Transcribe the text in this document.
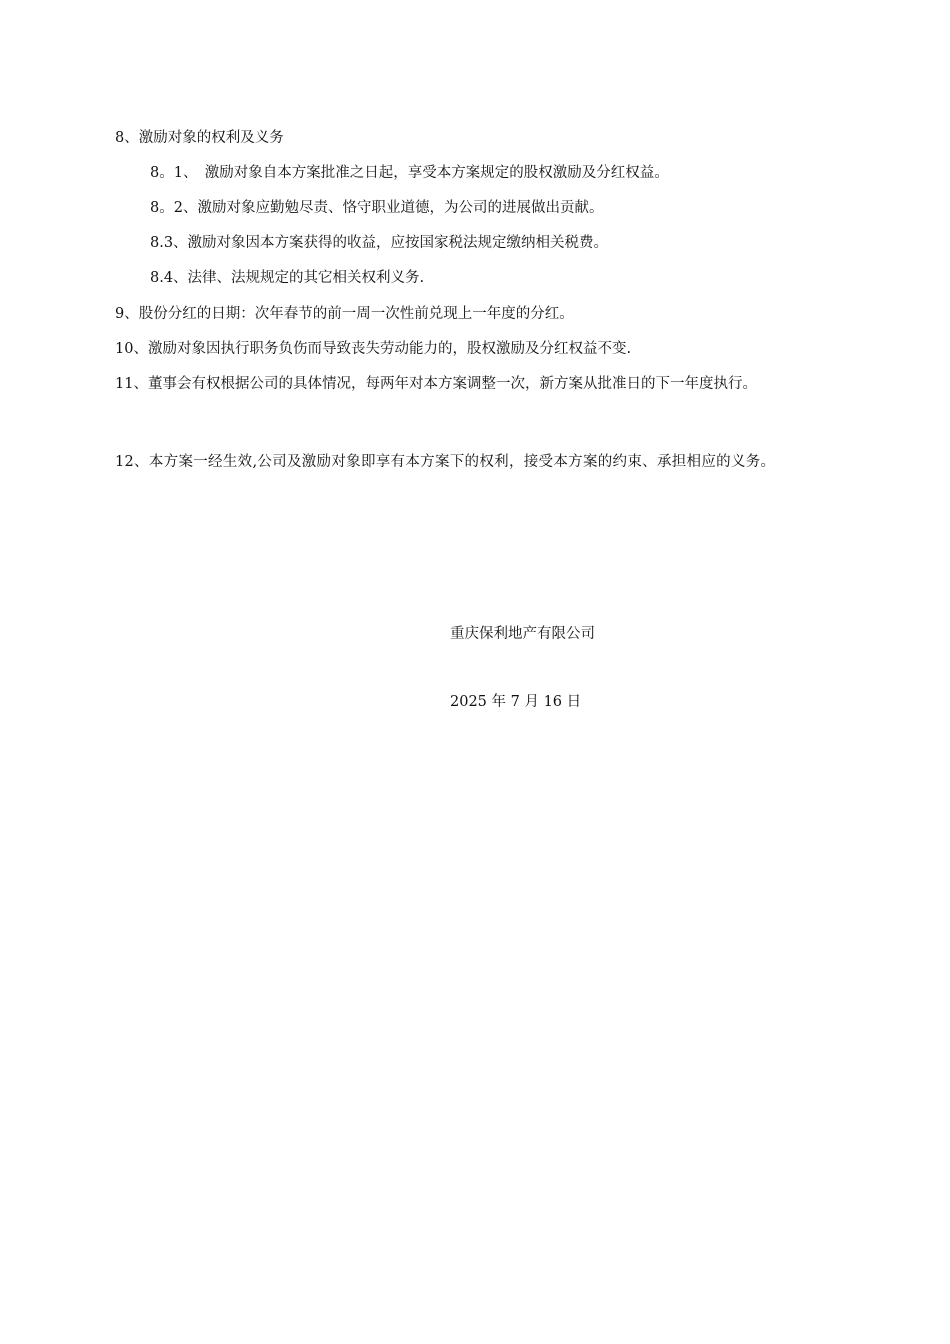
8、激励对象的权利及义务
8。1、　激励对象自本方案批准之日起，享受本方案规定的股权激励及分红权益。
8。2、激励对象应勤勉尽责、恪守职业道德，为公司的进展做出贡献。
8.3、激励对象因本方案获得的收益，应按国家税法规定缴纳相关税费。
8.4、法律、法规规定的其它相关权利义务.
9、股份分红的日期：次年春节的前一周一次性前兑现上一年度的分红。
10、激励对象因执行职务负伤而导致丧失劳动能力的，股权激励及分红权益不变.
11、董事会有权根据公司的具体情况，每两年对本方案调整一次，新方案从批准日的下一年度执行。
12、本方案一经生效,公司及激励对象即享有本方案下的权利，接受本方案的约束、承担相应的义务。
重庆保利地产有限公司
2025 年 7 月 16 日
